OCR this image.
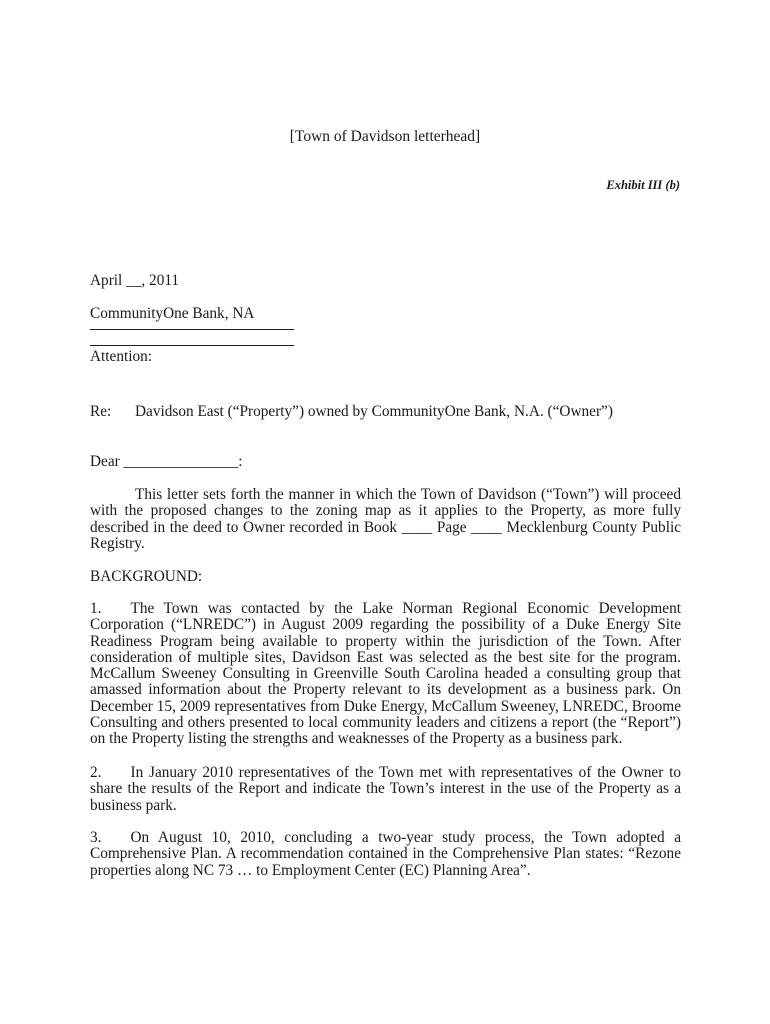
[Town of Davidson letterhead]
Exhibit III (b)

April __, 2011

CommunityOne Bank, NA

Attention:

Re:	Davidson East (“Property”) owned by CommunityOne Bank, N.A. (“Owner”)

Dear _______________:

This letter sets forth the manner in which the Town of Davidson (“Town”) will proceed with the proposed changes to the zoning map as it applies to the Property, as more fully described in the deed to Owner recorded in Book ____ Page ____ Mecklenburg County Public Registry.

BACKGROUND:

1. The Town was contacted by the Lake Norman Regional Economic Development Corporation (“LNREDC”) in August 2009 regarding the possibility of a Duke Energy Site Readiness Program being available to property within the jurisdiction of the Town. After consideration of multiple sites, Davidson East was selected as the best site for the program. McCallum Sweeney Consulting in Greenville South Carolina headed a consulting group that amassed information about the Property relevant to its development as a business park. On December 15, 2009 representatives from Duke Energy, McCallum Sweeney, LNREDC, Broome Consulting and others presented to local community leaders and citizens a report (the “Report”) on the Property listing the strengths and weaknesses of the Property as a business park.

2. In January 2010 representatives of the Town met with representatives of the Owner to share the results of the Report and indicate the Town’s interest in the use of the Property as a business park.

3. On August 10, 2010, concluding a two-year study process, the Town adopted a Comprehensive Plan. A recommendation contained in the Comprehensive Plan states: “Rezone properties along NC 73 … to Employment Center (EC) Planning Area”.
